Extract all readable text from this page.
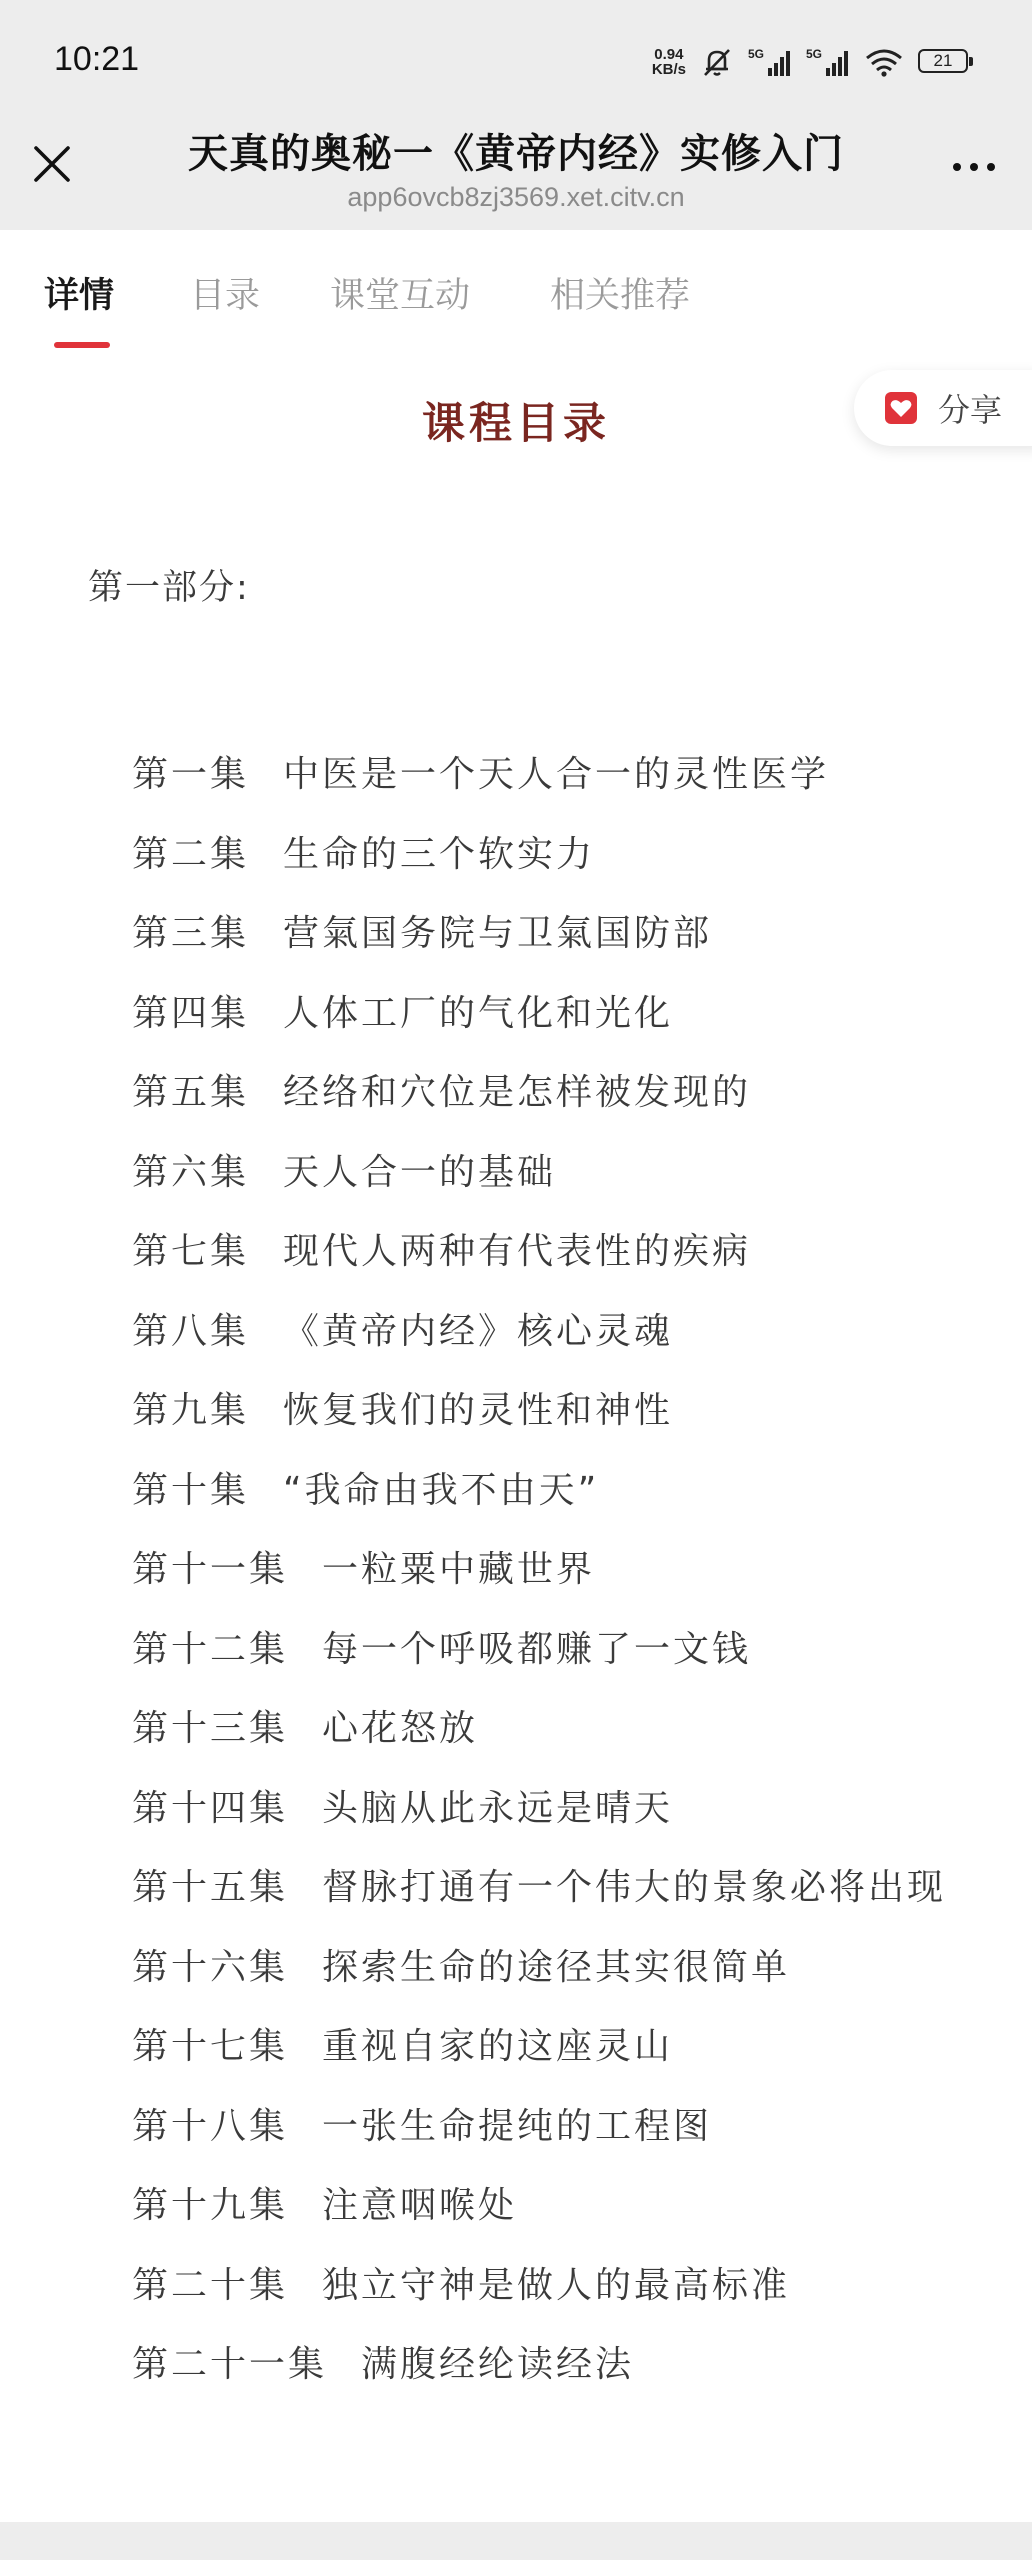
10:21	0.94
KB/s
5G	5G	21
天真的奥秘一《黄帝内经》实修入门
app6ovcb8zj3569.xet.citv.cn
详情 目录 课堂互动 相关推荐
分享
课程目录
第一部分:
第一集 中医是一个天人合一的灵性医学
第二集 生命的三个软实力
第三集 营氣国务院与卫氣国防部
第四集 人体工厂的气化和光化
第五集 经络和穴位是怎样被发现的
第六集 天人合一的基础
第七集 现代人两种有代表性的疾病
第八集 《黄帝内经》核心灵魂
第九集 恢复我们的灵性和神性
第十集 “我命由我不由天”
第十一集 一粒粟中藏世界
第十二集 每一个呼吸都赚了一文钱
第十三集 心花怒放
第十四集 头脑从此永远是晴天
第十五集 督脉打通有一个伟大的景象必将出现
第十六集 探索生命的途径其实很简单
第十七集 重视自家的这座灵山
第十八集 一张生命提纯的工程图
第十九集 注意咽喉处
第二十集 独立守神是做人的最高标准
第二十一集 满腹经纶读经法
